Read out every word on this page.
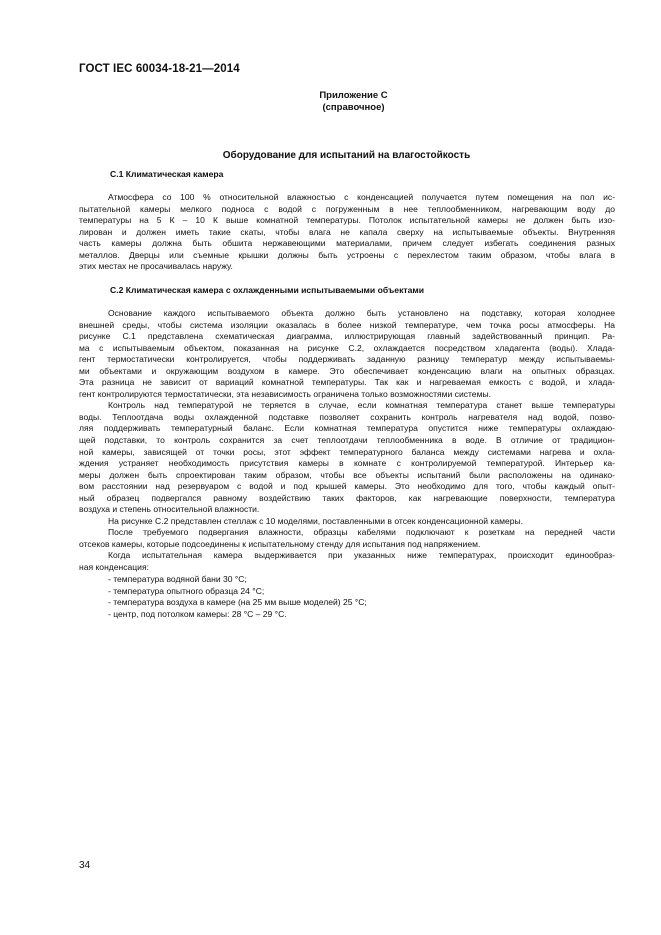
ГОСТ IEC 60034-18-21—2014
Приложение С
(справочное)
Оборудование для испытаний на влагостойкость
С.1 Климатическая камера
Атмосфера со 100 % относительной влажностью с конденсацией получается путем помещения на пол ис-
пытательной камеры мелкого подноса с водой с погруженным в нее теплообменником, нагревающим воду до
температуры на 5 К – 10 К выше комнатной температуры. Потолок испытательной камеры не должен быть изо-
лирован и должен иметь такие скаты, чтобы влага не капала сверху на испытываемые объекты. Внутренняя
часть камеры должна быть обшита нержавеющими материалами, причем следует избегать соединения разных
металлов. Дверцы или съемные крышки должны быть устроены с перехлестом таким образом, чтобы влага в
этих местах не просачивалась наружу.
С.2 Климатическая камера с охлажденными испытываемыми объектами
Основание каждого испытываемого объекта должно быть установлено на подставку, которая холоднее
внешней среды, чтобы система изоляции оказалась в более низкой температуре, чем точка росы атмосферы. На
рисунке С.1 представлена схематическая диаграмма, иллюстрирующая главный задействованный принцип. Ра-
ма с испытываемым объектом, показанная на рисунке С.2, охлаждается посредством хладагента (воды). Хлада-
гент термостатически контролируется, чтобы поддерживать заданную разницу температур между испытываемы-
ми объектами и окружающим воздухом в камере. Это обеспечивает конденсацию влаги на опытных образцах.
Эта разница не зависит от вариаций комнатной температуры. Так как и нагреваемая емкость с водой, и хлада-
гент контролируются термостатически, эта независимость ограничена только возможностями системы.
Контроль над температурой не теряется в случае, если комнатная температура станет выше температуры
воды. Теплоотдача воды охлажденной подставке позволяет сохранить контроль нагревателя над водой, позво-
ляя поддерживать температурный баланс. Если комнатная температура опустится ниже температуры охлаждаю-
щей подставки, то контроль сохранится за счет теплоотдачи теплообменника в воде. В отличие от традицион-
ной камеры, зависящей от точки росы, этот эффект температурного баланса между системами нагрева и охла-
ждения устраняет необходимость присутствия камеры в комнате с контролируемой температурой. Интерьер ка-
меры должен быть спроектирован таким образом, чтобы все объекты испытаний были расположены на одинако-
вом расстоянии над резервуаром с водой и под крышей камеры. Это необходимо для того, чтобы каждый опыт-
ный образец подвергался равному воздействию таких факторов, как нагревающие поверхности, температура
воздуха и степень относительной влажности.
На рисунке С.2 представлен стеллаж с 10 моделями, поставленными в отсек конденсационной камеры.
После требуемого подвергания влажности, образцы кабелями подключают к розеткам на передней части
отсеков камеры, которые подсоединены к испытательному стенду для испытания под напряжением.
Когда испытательная камера выдерживается при указанных ниже температурах, происходит единообраз-
ная конденсация:
- температура водяной бани 30 °С;
- температура опытного образца 24 °С;
- температура воздуха в камере (на 25 мм выше моделей) 25 °С;
- центр, под потолком камеры: 28 °С – 29 °С.
34
